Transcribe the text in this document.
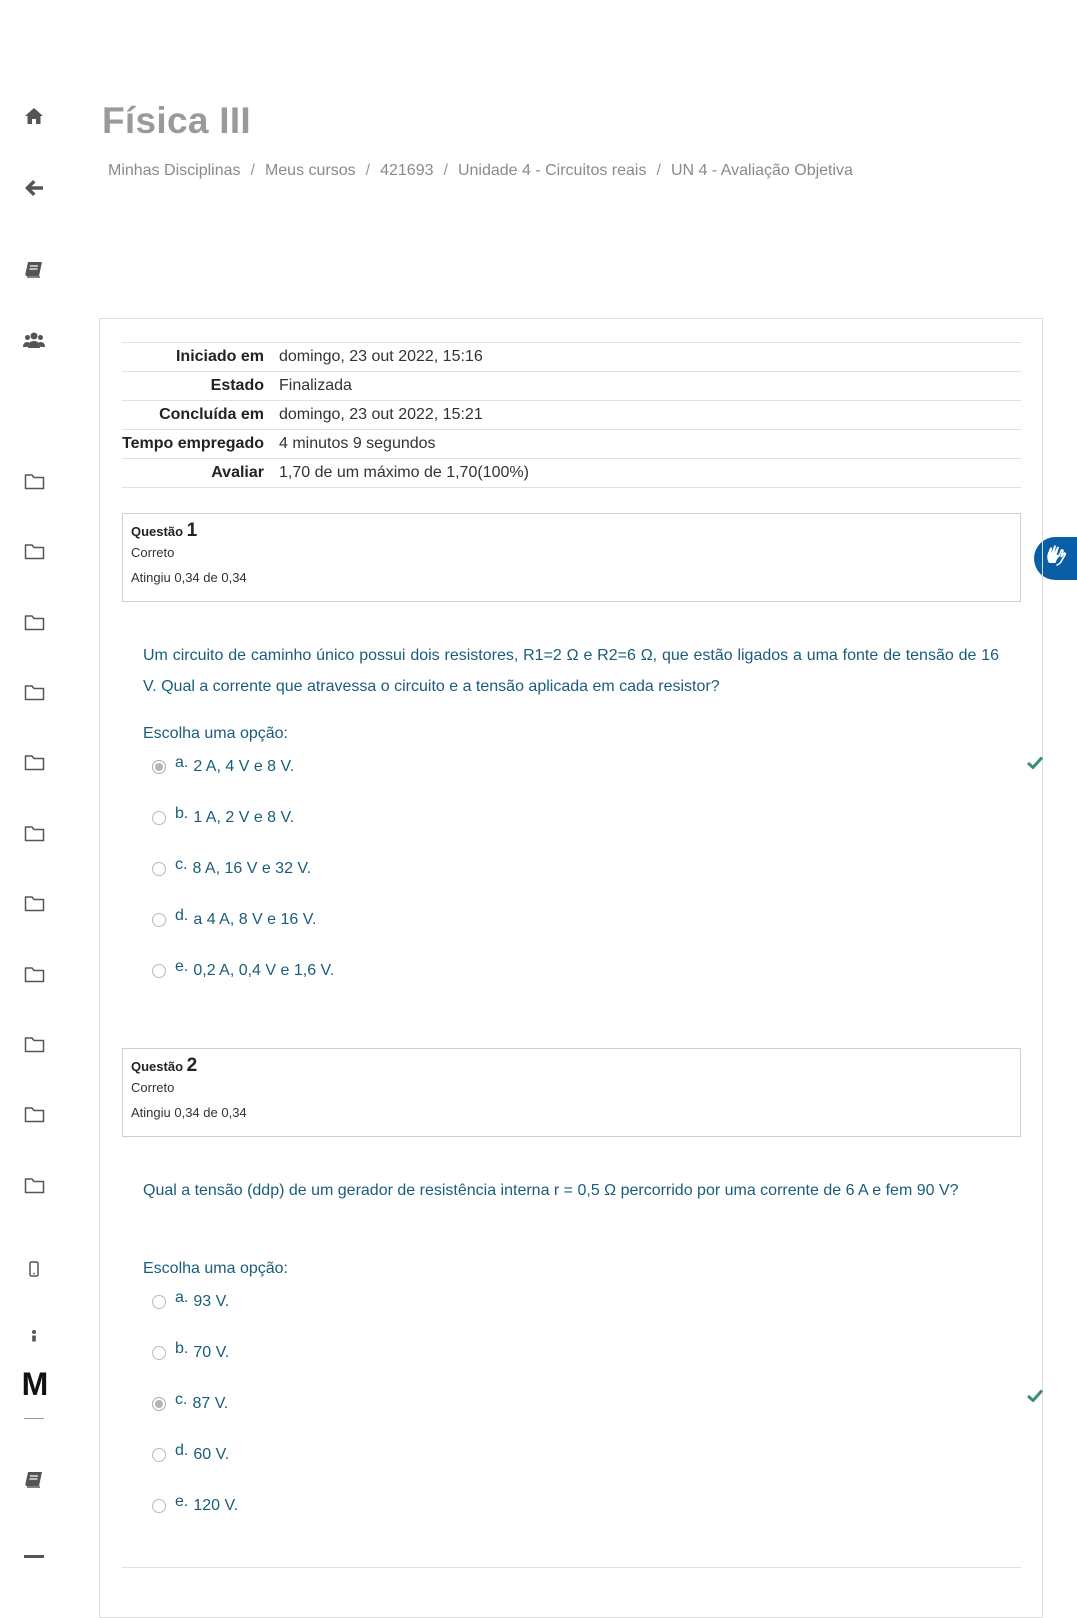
M
Física III
Minhas Disciplinas / Meus cursos / 421693 / Unidade 4 - Circuitos reais / UN 4 - Avaliação Objetiva
Iniciado em	domingo, 23 out 2022, 15:16
Estado	Finalizada
Concluída em	domingo, 23 out 2022, 15:21
Tempo empregado	4 minutos 9 segundos
Avaliar	1,70 de um máximo de 1,70(100%)
Questão 1
Correto
Atingiu 0,34 de 0,34

Um circuito de caminho único possui dois resistores, R1=2 Ω e R2=6 Ω, que estão ligados a uma fonte de tensão de 16 V. Qual a corrente que atravessa o circuito e a tensão aplicada em cada resistor?

Escolha uma opção:
a. 2 A, 4 V e 8 V.
b. 1 A, 2 V e 8 V.
c. 8 A, 16 V e 32 V.
d. a 4 A, 8 V e 16 V.
e. 0,2 A, 0,4 V e 1,6 V.
Questão 2
Correto
Atingiu 0,34 de 0,34

Qual a tensão (ddp) de um gerador de resistência interna r = 0,5 Ω percorrido por uma corrente de 6 A e fem 90 V?

Escolha uma opção:
a. 93 V.
b. 70 V.
c. 87 V.
d. 60 V.
e. 120 V.
